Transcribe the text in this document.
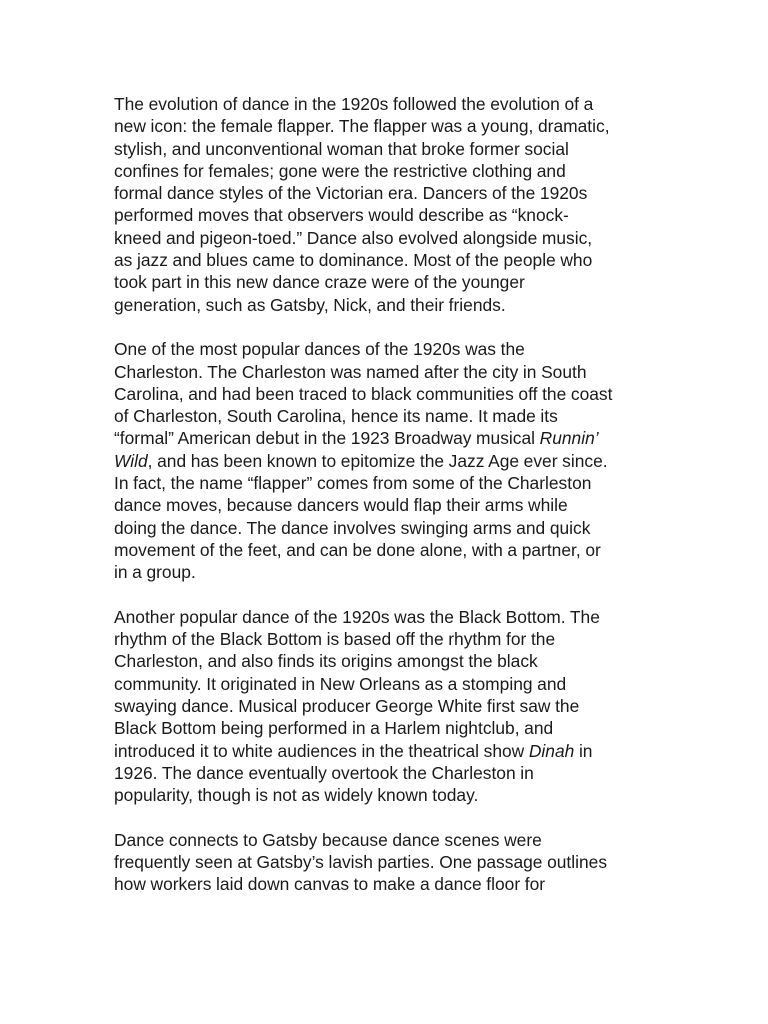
The evolution of dance in the 1920s followed the evolution of a
new icon: the female flapper. The flapper was a young, dramatic,
stylish, and unconventional woman that broke former social
confines for females; gone were the restrictive clothing and
formal dance styles of the Victorian era. Dancers of the 1920s
performed moves that observers would describe as “knock-
kneed and pigeon-toed.” Dance also evolved alongside music,
as jazz and blues came to dominance. Most of the people who
took part in this new dance craze were of the younger
generation, such as Gatsby, Nick, and their friends.
One of the most popular dances of the 1920s was the
Charleston. The Charleston was named after the city in South
Carolina, and had been traced to black communities off the coast
of Charleston, South Carolina, hence its name. It made its
“formal” American debut in the 1923 Broadway musical Runnin’
Wild, and has been known to epitomize the Jazz Age ever since.
In fact, the name “flapper” comes from some of the Charleston
dance moves, because dancers would flap their arms while
doing the dance. The dance involves swinging arms and quick
movement of the feet, and can be done alone, with a partner, or
in a group.
Another popular dance of the 1920s was the Black Bottom. The
rhythm of the Black Bottom is based off the rhythm for the
Charleston, and also finds its origins amongst the black
community. It originated in New Orleans as a stomping and
swaying dance. Musical producer George White first saw the
Black Bottom being performed in a Harlem nightclub, and
introduced it to white audiences in the theatrical show Dinah in
1926. The dance eventually overtook the Charleston in
popularity, though is not as widely known today.
Dance connects to Gatsby because dance scenes were
frequently seen at Gatsby’s lavish parties. One passage outlines
how workers laid down canvas to make a dance floor for
